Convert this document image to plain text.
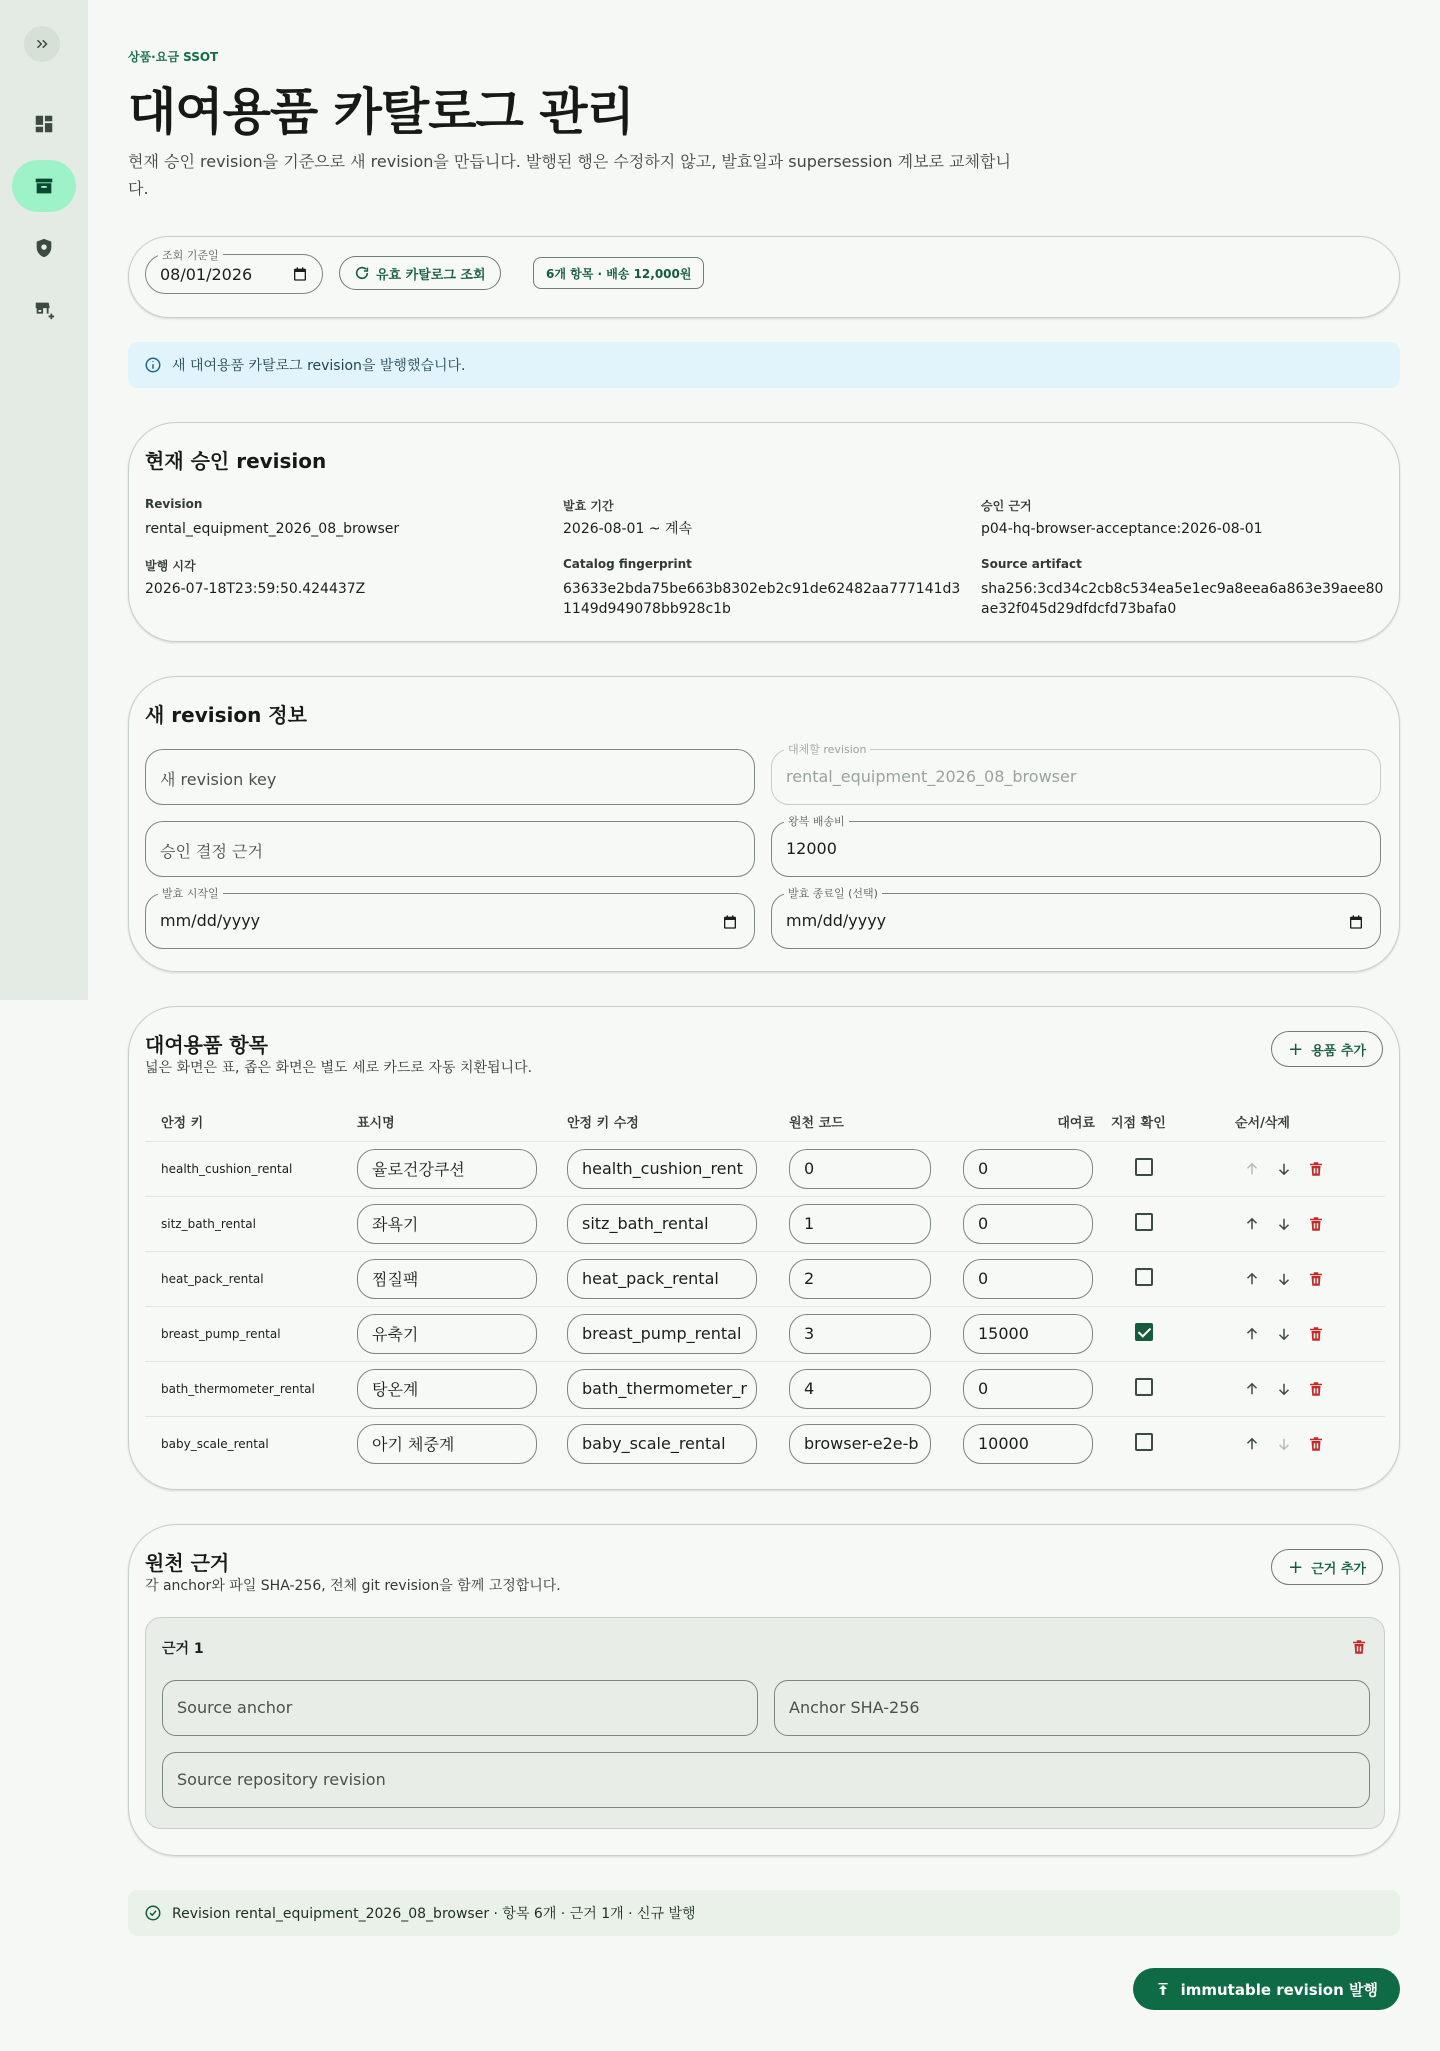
상품·요금 SSOT
대여용품 카탈로그 관리
현재 승인 revision을 기준으로 새 revision을 만듭니다. 발행된 행은 수정하지 않고, 발효일과 supersession 계보로 교체합니다.
조회 기준일
08/01/2026	유효 카탈로그 조회	6개 항목 · 배송 12,000원
새 대여용품 카탈로그 revision을 발행했습니다.
현재 승인 revision
Revision
rental_equipment_2026_08_browser
발효 기간
2026-08-01 ~ 계속
승인 근거
p04-hq-browser-acceptance:2026-08-01
발행 시각
2026-07-18T23:59:50.424437Z
Catalog fingerprint
63633e2bda75be663b8302eb2c91de62482aa777141d31149d949078bb928c1b
Source artifact
sha256:3cd34c2cb8c534ea5e1ec9a8eea6a863e39aee80ae32f045d29dfdcfd73bafa0
새 revision 정보
새 revision key
대체할 revision
rental_equipment_2026_08_browser
승인 결정 근거
왕복 배송비
12000
발효 시작일
mm/dd/yyyy
발효 종료일 (선택)
mm/dd/yyyy
대여용품 항목
넓은 화면은 표, 좁은 화면은 별도 세로 카드로 자동 치환됩니다.
+ 용품 추가
안정 키	표시명	안정 키 수정	원천 코드	대여료	지점 확인	순서/삭제
health_cushion_rental	율로건강쿠션	health_cushion_rent	0	0

sitz_bath_rental	좌욕기	sitz_bath_rental	1	0

heat_pack_rental	찜질팩	heat_pack_rental	2	0

breast_pump_rental	유축기	breast_pump_rental	3	15000

bath_thermometer_rental	탕온계	bath_thermometer_r	4	0

baby_scale_rental	아기 체중계	baby_scale_rental	browser-e2e-b	10000

원천 근거
각 anchor와 파일 SHA-256, 전체 git revision을 함께 고정합니다.
+ 근거 추가
근거 1
Source anchor	Anchor SHA-256
Source repository revision
Revision rental_equipment_2026_08_browser · 항목 6개 · 근거 1개 · 신규 발행
immutable revision 발행
